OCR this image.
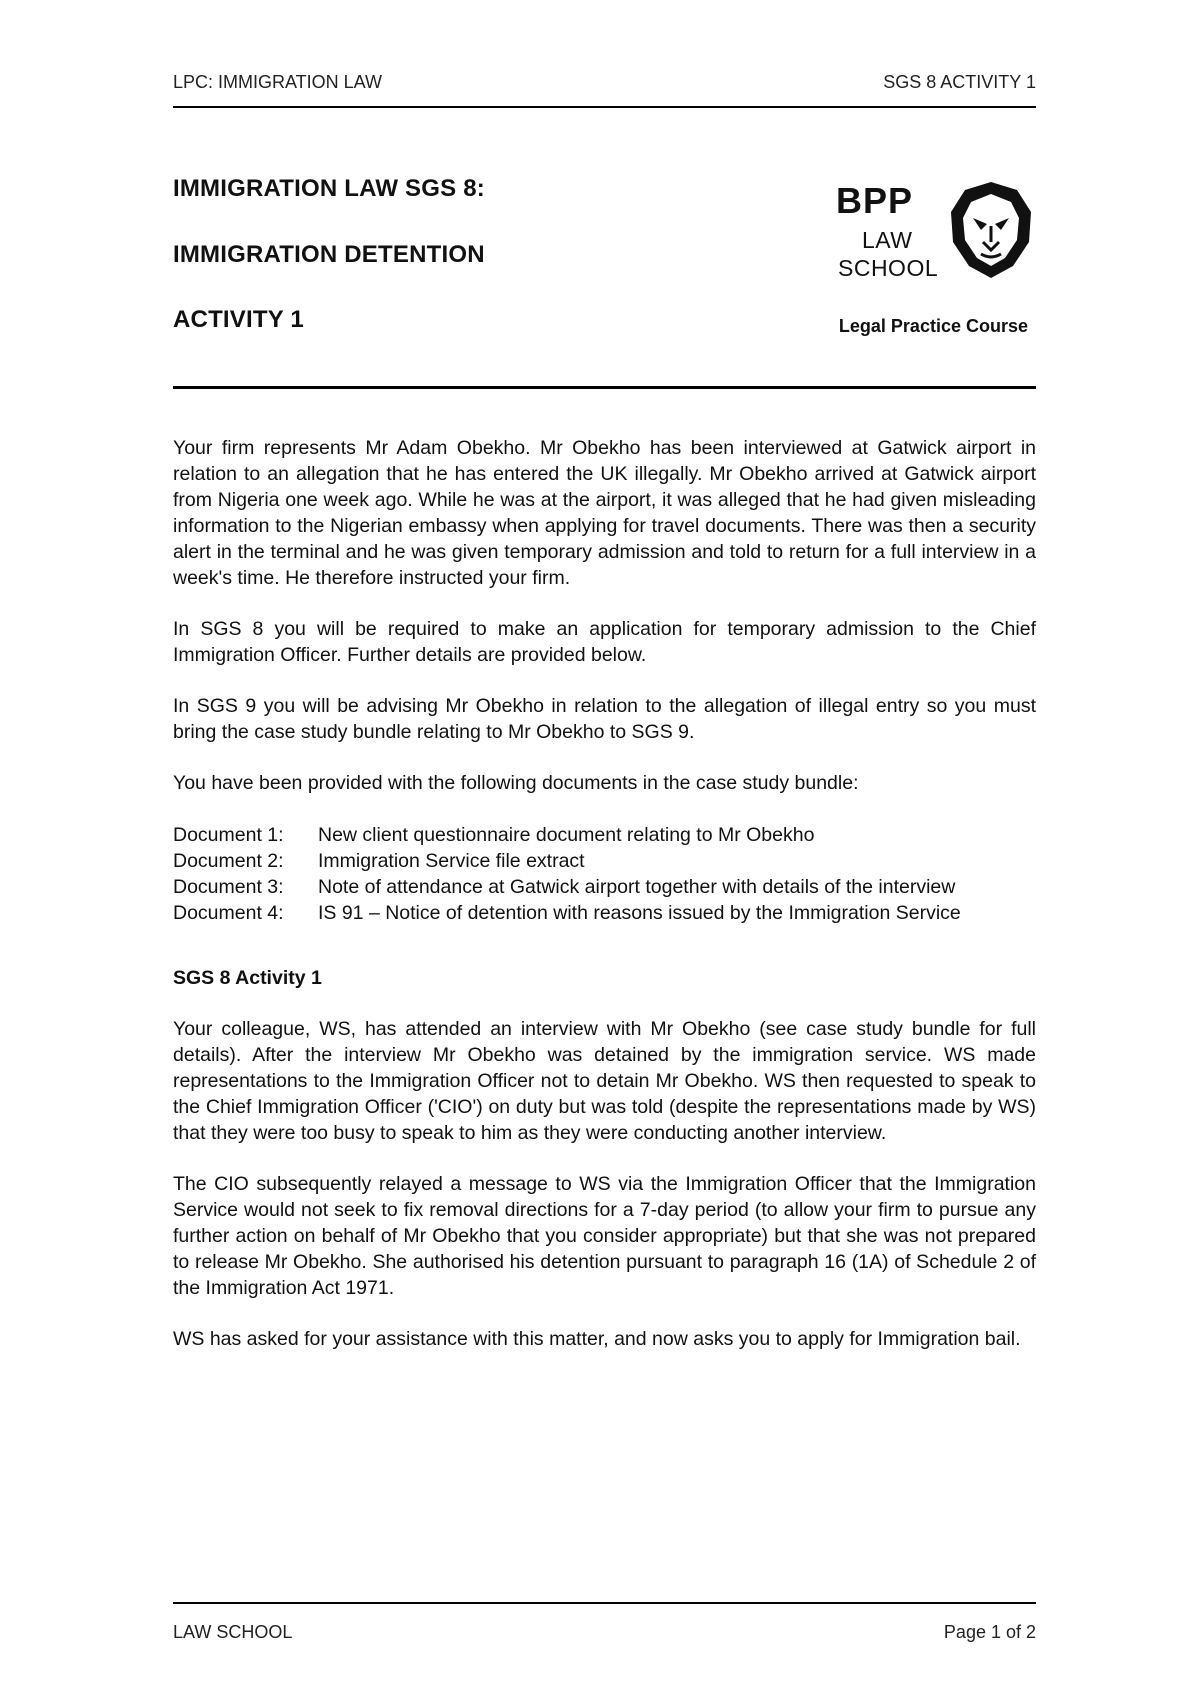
LPC: IMMIGRATION LAW	SGS 8 ACTIVITY 1
IMMIGRATION LAW SGS 8:
IMMIGRATION DETENTION
ACTIVITY 1
BPP
LAW
SCHOOL
Legal Practice Course

Your firm represents Mr Adam Obekho. Mr Obekho has been interviewed at Gatwick airport in relation to an allegation that he has entered the UK illegally. Mr Obekho arrived at Gatwick airport from Nigeria one week ago. While he was at the airport, it was alleged that he had given misleading information to the Nigerian embassy when applying for travel documents. There was then a security alert in the terminal and he was given temporary admission and told to return for a full interview in a week's time. He therefore instructed your firm.

In SGS 8 you will be required to make an application for temporary admission to the Chief Immigration Officer. Further details are provided below.

In SGS 9 you will be advising Mr Obekho in relation to the allegation of illegal entry so you must bring the case study bundle relating to Mr Obekho to SGS 9.

You have been provided with the following documents in the case study bundle:

Document 1:	New client questionnaire document relating to Mr Obekho
Document 2:	Immigration Service file extract
Document 3:	Note of attendance at Gatwick airport together with details of the interview
Document 4:	IS 91 – Notice of detention with reasons issued by the Immigration Service
SGS 8 Activity 1

Your colleague, WS, has attended an interview with Mr Obekho (see case study bundle for full details). After the interview Mr Obekho was detained by the immigration service. WS made representations to the Immigration Officer not to detain Mr Obekho. WS then requested to speak to the Chief Immigration Officer ('CIO') on duty but was told (despite the representations made by WS) that they were too busy to speak to him as they were conducting another interview.

The CIO subsequently relayed a message to WS via the Immigration Officer that the Immigration Service would not seek to fix removal directions for a 7-day period (to allow your firm to pursue any further action on behalf of Mr Obekho that you consider appropriate) but that she was not prepared to release Mr Obekho. She authorised his detention pursuant to paragraph 16 (1A) of Schedule 2 of the Immigration Act 1971.

WS has asked for your assistance with this matter, and now asks you to apply for Immigration bail.

LAW SCHOOL	Page 1 of 2
